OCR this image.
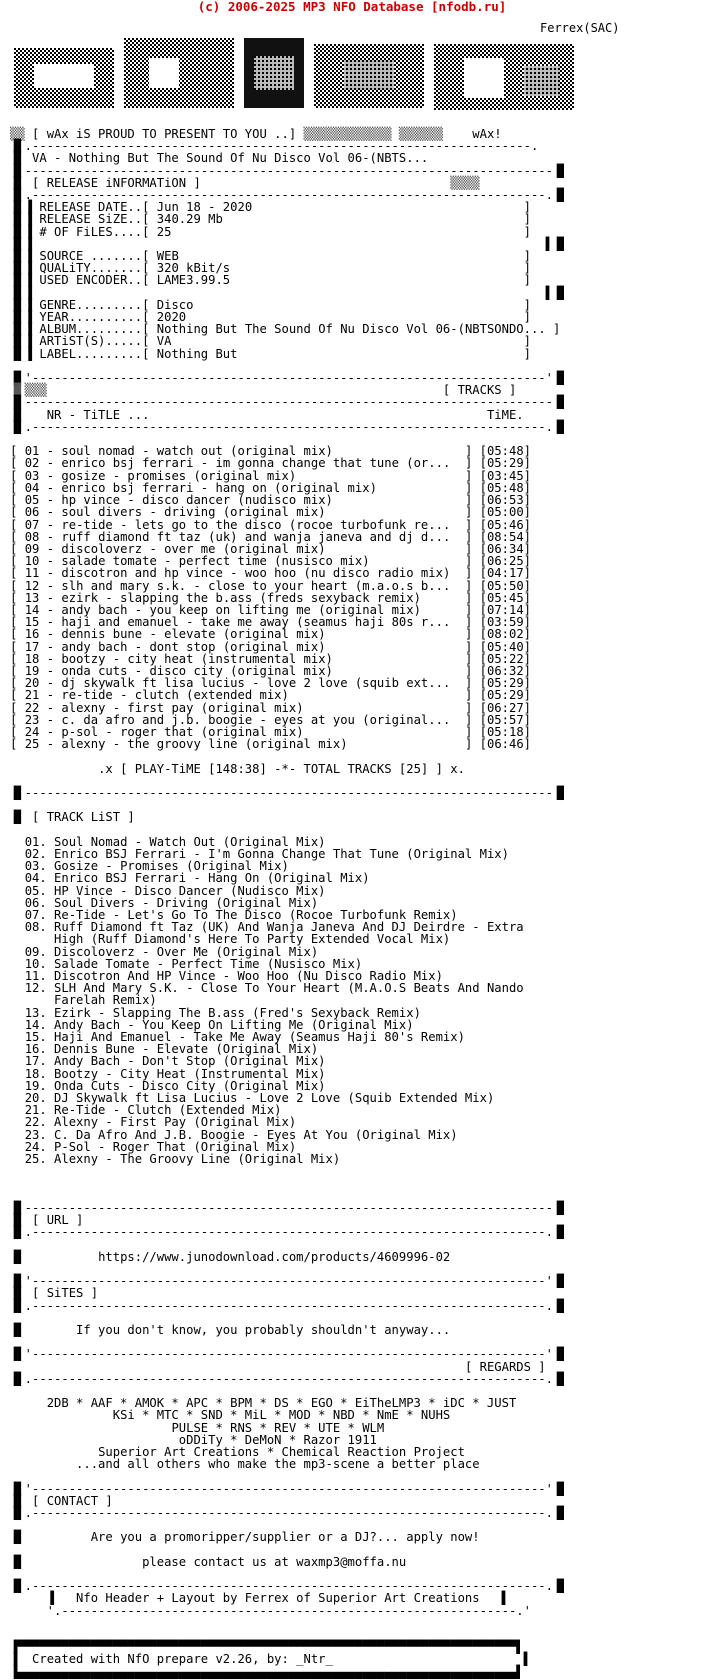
(c) 2006-2025 MP3 NFO Database [nfodb.ru]
Ferrex(SAC)
▒▒ [ wAx iS PROUD TO PRESENT TO YOU ..] ▒▒▒▒▒▒▒▒▒▒▒▒ ▒▒▒▒▒▒ wAx!
▐▌.--------------------------------------------------------------------.
▐▌ VA - Nothing But The Sound Of Nu Disco Vol 06-(NBTS...
▐▌------------------------------------------------------------------------▐▌
▐▌ [ RELEASE iNFORMATiON ]                                  ▒▒▒▒
▐▌.----------------------------------------------------------------------.▐▌
▐▌▐ RELEASE DATE..[ Jun 18 - 2020                                     ]
▐▌▐ RELEASE SiZE..[ 340.29 Mb                                         ]
▐▌▐ # OF FiLES....[ 25                                                ]
▐▌▐                                                                      ▌▐▌
▐▌▐ SOURCE .......[ WEB                                               ]
▐▌▐ QUALiTY.......[ 320 kBit/s                                        ]
▐▌▐ USED ENCODER..[ LAME3.99.5                                        ]
▐▌▐                                                                      ▌▐▌
▐▌▐ GENRE.........[ Disco                                             ]
▐▌▐ YEAR..........[ 2020                                              ]
▐▌▐ ALBUM.........[ Nothing But The Sound Of Nu Disco Vol 06-(NBTSONDO... ]
▐▌▐ ARTiST(S).....[ VA                                                ]
▐▌▐ LABEL.........[ Nothing But                                       ]

▐▌'----------------------------------------------------------------------'▐▌
▐▌▒▒▒	[ TRACKS ]
▐▌------------------------------------------------------------------------▐▌
▐▌   NR - TiTLE ...	TiME.
▐▌.----------------------------------------------------------------------.▐▌

[ 01 - soul nomad - watch out (original mix)                  ] [05:48]
[ 02 - enrico bsj ferrari - im gonna change that tune (or...  ] [05:29]
[ 03 - gosize - promises (original mix)                       ] [03:45]
[ 04 - enrico bsj ferrari - hang on (original mix)            ] [05:48]
[ 05 - hp vince - disco dancer (nudisco mix)                  ] [06:53]
[ 06 - soul divers - driving (original mix)                   ] [05:00]
[ 07 - re-tide - lets go to the disco (rocoe turbofunk re...  ] [05:46]
[ 08 - ruff diamond ft taz (uk) and wanja janeva and dj d...  ] [08:54]
[ 09 - discoloverz - over me (original mix)                   ] [06:34]
[ 10 - salade tomate - perfect time (nusisco mix)             ] [06:25]
[ 11 - discotron and hp vince - woo hoo (nu disco radio mix)  ] [04:17]
[ 12 - slh and mary s.k. - close to your heart (m.a.o.s b...  ] [05:50]
[ 13 - ezirk - slapping the b.ass (freds sexyback remix)      ] [05:45]
[ 14 - andy bach - you keep on lifting me (original mix)      ] [07:14]
[ 15 - haji and emanuel - take me away (seamus haji 80s r...  ] [03:59]
[ 16 - dennis bune - elevate (original mix)                   ] [08:02]
[ 17 - andy bach - dont stop (original mix)                   ] [05:40]
[ 18 - bootzy - city heat (instrumental mix)                  ] [05:22]
[ 19 - onda cuts - disco city (original mix)                  ] [06:32]
[ 20 - dj skywalk ft lisa lucius - love 2 love (squib ext...  ] [05:29]
[ 21 - re-tide - clutch (extended mix)                        ] [05:29]
[ 22 - alexny - first pay (original mix)                      ] [06:27]
[ 23 - c. da afro and j.b. boogie - eyes at you (original...  ] [05:57]
[ 24 - p-sol - roger that (original mix)                      ] [05:18]
[ 25 - alexny - the groovy line (original mix)                ] [06:46]

.x [ PLAY-TiME [148:38] -*- TOTAL TRACKS [25] ] x.

▐▌------------------------------------------------------------------------▐▌

▐▌ [ TRACK LiST ]

01. Soul Nomad - Watch Out (Original Mix)
02. Enrico BSJ Ferrari - I'm Gonna Change That Tune (Original Mix)
03. Gosize - Promises (Original Mix)
04. Enrico BSJ Ferrari - Hang On (Original Mix)
05. HP Vince - Disco Dancer (Nudisco Mix)
06. Soul Divers - Driving (Original Mix)
07. Re-Tide - Let's Go To The Disco (Rocoe Turbofunk Remix)
08. Ruff Diamond ft Taz (UK) And Wanja Janeva And DJ Deirdre - Extra
High (Ruff Diamond's Here To Party Extended Vocal Mix)
09. Discoloverz - Over Me (Original Mix)
10. Salade Tomate - Perfect Time (Nusisco Mix)
11. Discotron And HP Vince - Woo Hoo (Nu Disco Radio Mix)
12. SLH And Mary S.K. - Close To Your Heart (M.A.O.S Beats And Nando
Farelah Remix)
13. Ezirk - Slapping The B.ass (Fred's Sexyback Remix)
14. Andy Bach - You Keep On Lifting Me (Original Mix)
15. Haji And Emanuel - Take Me Away (Seamus Haji 80's Remix)
16. Dennis Bune - Elevate (Original Mix)
17. Andy Bach - Don't Stop (Original Mix)
18. Bootzy - City Heat (Instrumental Mix)
19. Onda Cuts - Disco City (Original Mix)
20. DJ Skywalk ft Lisa Lucius - Love 2 Love (Squib Extended Mix)
21. Re-Tide - Clutch (Extended Mix)
22. Alexny - First Pay (Original Mix)
23. C. Da Afro And J.B. Boogie - Eyes At You (Original Mix)
24. P-Sol - Roger That (Original Mix)
25. Alexny - The Groovy Line (Original Mix)

▐▌------------------------------------------------------------------------▐▌
▐▌ [ URL ]
▐▌.----------------------------------------------------------------------.▐▌

▐▌          https://www.junodownload.com/products/4609996-02

▐▌'----------------------------------------------------------------------'▐▌
▐▌ [ SiTES ]
▐▌.----------------------------------------------------------------------.▐▌

▐▌       If you don't know, you probably shouldn't anyway...

▐▌'----------------------------------------------------------------------'▐▌
[ REGARDS ]
▐▌.----------------------------------------------------------------------.▐▌

2DB * AAF * AMOK * APC * BPM * DS * EGO * EiTheLMP3 * iDC * JUST
KSi * MTC * SND * MiL * MOD * NBD * NmE * NUHS
PULSE * RNS * REV * UTE * WLM
oDDiTy * DeMoN * Razor 1911
Superior Art Creations * Chemical Reaction Project
...and all others who make the mp3-scene a better place

▐▌'----------------------------------------------------------------------'▐▌
▐▌ [ CONTACT ]
▐▌.----------------------------------------------------------------------.▐▌

▐▌         Are you a promoripper/supplier or a DJ?... apply now!

▐▌                please contact us at waxmp3@moffa.nu

▐▌.----------------------------------------------------------------------.▐▌
▐   Nfo Header + Layout by Ferrex of Superior Art Creations   ▌
'.--------------------------------------------------------------.'

▐▀▀▀▀▀▀▀▀▀▀▀▀▀▀▀▀▀▀▀▀▀▀▀▀▀▀▀▀▀▀▀▀▀▀▀▀▀▀▀▀▀▀▀▀▀▀▀▀▀▀▀▀▀▀▀▀▀▀▀▀▀▀▀▀▀▀▀▀▌
▐  Created with NfO prepare v2.26, by: _Ntr_                          ▌
▐▄▄▄▄▄▄▄▄▄▄▄▄▄▄▄▄▄▄▄▄▄▄▄▄▄▄▄▄▄▄▄▄▄▄▄▄▄▄▄▄▄▄▄▄▄▄▄▄▄▄▄▄▄▄▄▄▄▄▄▄▄▄▄▄▄▄▄▄▌
